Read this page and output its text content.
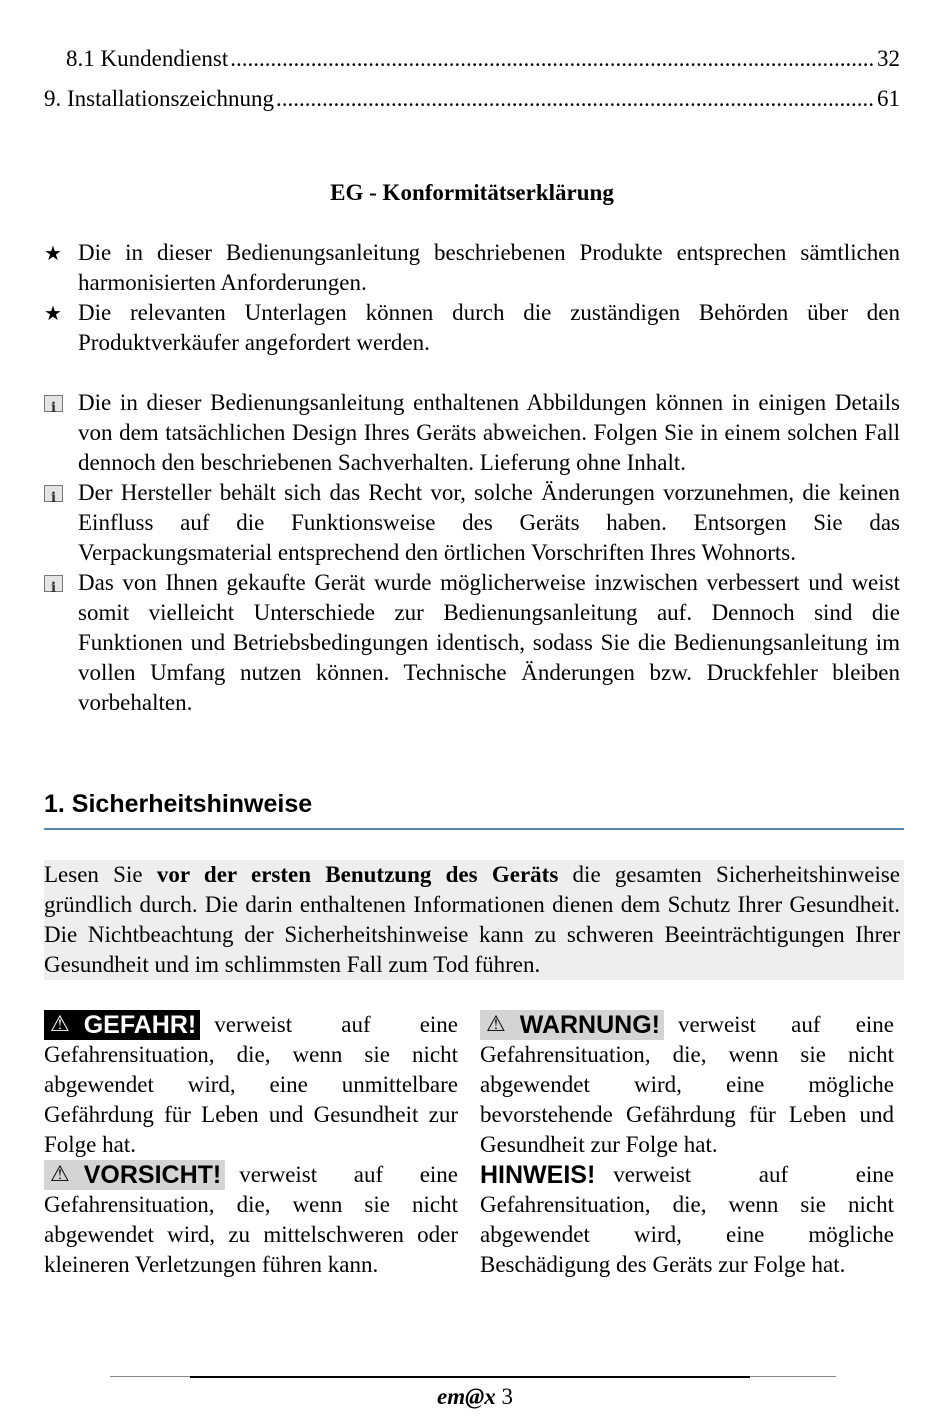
8.1 Kundendienst .....	32
9. Installationszeichnung .....	61
EG - Konformitätserklärung
★ Die in dieser Bedienungsanleitung beschriebenen Produkte entsprechen sämtlichen harmonisierten Anforderungen.
★ Die relevanten Unterlagen können durch die zuständigen Behörden über den Produktverkäufer angefordert werden.
i
Die in dieser Bedienungsanleitung enthaltenen Abbildungen können in einigen Details von dem tatsächlichen Design Ihres Geräts abweichen. Folgen Sie in einem solchen Fall dennoch den beschriebenen Sachverhalten. Lieferung ohne Inhalt.
i
Der Hersteller behält sich das Recht vor, solche Änderungen vorzunehmen, die keinen Einfluss auf die Funktionsweise des Geräts haben. Entsorgen Sie das Verpackungsmaterial entsprechend den örtlichen Vorschriften Ihres Wohnorts.
i
Das von Ihnen gekaufte Gerät wurde möglicherweise inzwischen verbessert und weist somit vielleicht Unterschiede zur Bedienungsanleitung auf. Dennoch sind die Funktionen und Betriebsbedingungen identisch, sodass Sie die Bedienungsanleitung im vollen Umfang nutzen können. Technische Änderungen bzw. Druckfehler bleiben vorbehalten.
1. Sicherheitshinweise
Lesen Sie vor der ersten Benutzung des Geräts die gesamten Sicherheitshinweise gründlich durch. Die darin enthaltenen Informationen dienen dem Schutz Ihrer Gesundheit. Die Nichtbeachtung der Sicherheitshinweise kann zu schweren Beeinträchtigungen Ihrer Gesundheit und im schlimmsten Fall zum Tod führen.
⚠ GEFAHR! verweist auf eine Gefahrensituation, die, wenn sie nicht abgewendet wird, eine unmittelbare Gefährdung für Leben und Gesundheit zur Folge hat.
⚠ VORSICHT! verweist auf eine Gefahrensituation, die, wenn sie nicht abgewendet wird, zu mittelschweren oder kleineren Verletzungen führen kann.
⚠ WARNUNG! verweist auf eine Gefahrensituation, die, wenn sie nicht abgewendet wird, eine mögliche bevorstehende Gefährdung für Leben und Gesundheit zur Folge hat.
HINWEIS! verweist auf eine Gefahrensituation, die, wenn sie nicht abgewendet wird, eine mögliche Beschädigung des Geräts zur Folge hat.
em@x 3
